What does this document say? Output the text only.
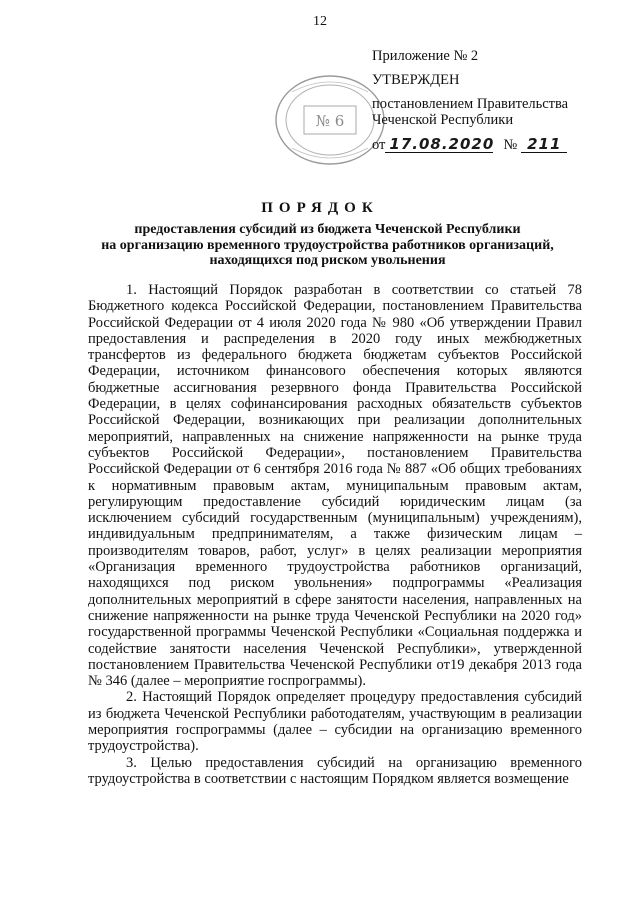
12
№ 6
Приложение № 2
УТВЕРЖДЕН
постановлением Правительства
Чеченской Республики
от 17.08.2020 № 211
ПОРЯДОК
предоставления субсидий из бюджета Чеченской Республики
на организацию временного трудоустройства работников организаций,
находящихся под риском увольнения

1. Настоящий Порядок разработан в соответствии со статьей 78 Бюджетного кодекса Российской Федерации, постановлением Правительства Российской Федерации от 4 июля 2020 года № 980 «Об утверждении Правил предоставления и распределения в 2020 году иных межбюджетных трансфертов из федерального бюджета бюджетам субъектов Российской Федерации, источником финансового обеспечения которых являются бюджетные ассигнования резервного фонда Правительства Российской Федерации, в целях софинансирования расходных обязательств субъектов Российской Федерации, возникающих при реализации дополнительных мероприятий, направленных на снижение напряженности на рынке труда субъектов Российской Федерации», постановлением Правительства Российской Федерации от 6 сентября 2016 года № 887 «Об общих требованиях к нормативным правовым актам, муниципальным правовым актам, регулирующим предоставление субсидий юридическим лицам (за исключением субсидий государственным (муниципальным) учреждениям), индивидуальным предпринимателям, а также физическим лицам – производителям товаров, работ, услуг» в целях реализации мероприятия «Организация временного трудоустройства работников организаций, находящихся под риском увольнения» подпрограммы «Реализация дополнительных мероприятий в сфере занятости населения, направленных на снижение напряженности на рынке труда Чеченской Республики на 2020 год» государственной программы Чеченской Республики «Социальная поддержка и содействие занятости населения Чеченской Республики», утвержденной постановлением Правительства Чеченской Республики от19 декабря 2013 года № 346 (далее – мероприятие госпрограммы).

2. Настоящий Порядок определяет процедуру предоставления субсидий из бюджета Чеченской Республики работодателям, участвующим в реализации мероприятия госпрограммы (далее – субсидии на организацию временного трудоустройства).

3. Целью предоставления субсидий на организацию временного трудоустройства в соответствии с настоящим Порядком является возмещение
